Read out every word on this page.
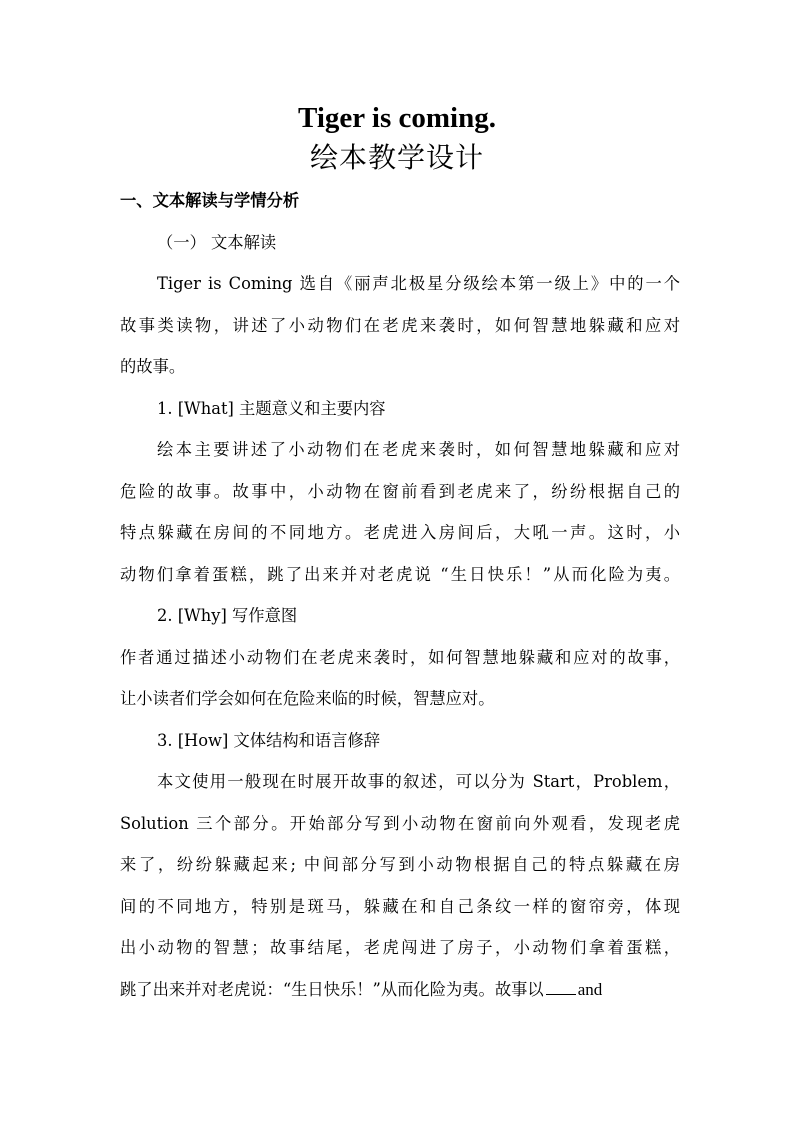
Tiger is coming.
绘本教学设计
一、文本解读与学情分析
（一） 文本解读
Tiger is Coming 选自《丽声北极星分级绘本第一级上》中的一个
故事类读物，讲述了小动物们在老虎来袭时，如何智慧地躲藏和应对
的故事。
1. [What] 主题意义和主要内容
绘本主要讲述了小动物们在老虎来袭时，如何智慧地躲藏和应对
危险的故事。故事中，小动物在窗前看到老虎来了，纷纷根据自己的
特点躲藏在房间的不同地方。老虎进入房间后，大吼一声。这时，小
动物们拿着蛋糕，跳了出来并对老虎说 “生日快乐！”从而化险为夷。
2. [Why] 写作意图
作者通过描述小动物们在老虎来袭时，如何智慧地躲藏和应对的故事，
让小读者们学会如何在危险来临的时候，智慧应对。
3. [How] 文体结构和语言修辞
本文使用一般现在时展开故事的叙述，可以分为 Start，Problem，
Solution 三个部分。开始部分写到小动物在窗前向外观看，发现老虎
来了，纷纷躲藏起来; 中间部分写到小动物根据自己的特点躲藏在房
间的不同地方，特别是斑马，躲藏在和自己条纹一样的窗帘旁，体现
出小动物的智慧；故事结尾，老虎闯进了房子，小动物们拿着蛋糕，
跳了出来并对老虎说：“生日快乐！”从而化险为夷。故事以 and
